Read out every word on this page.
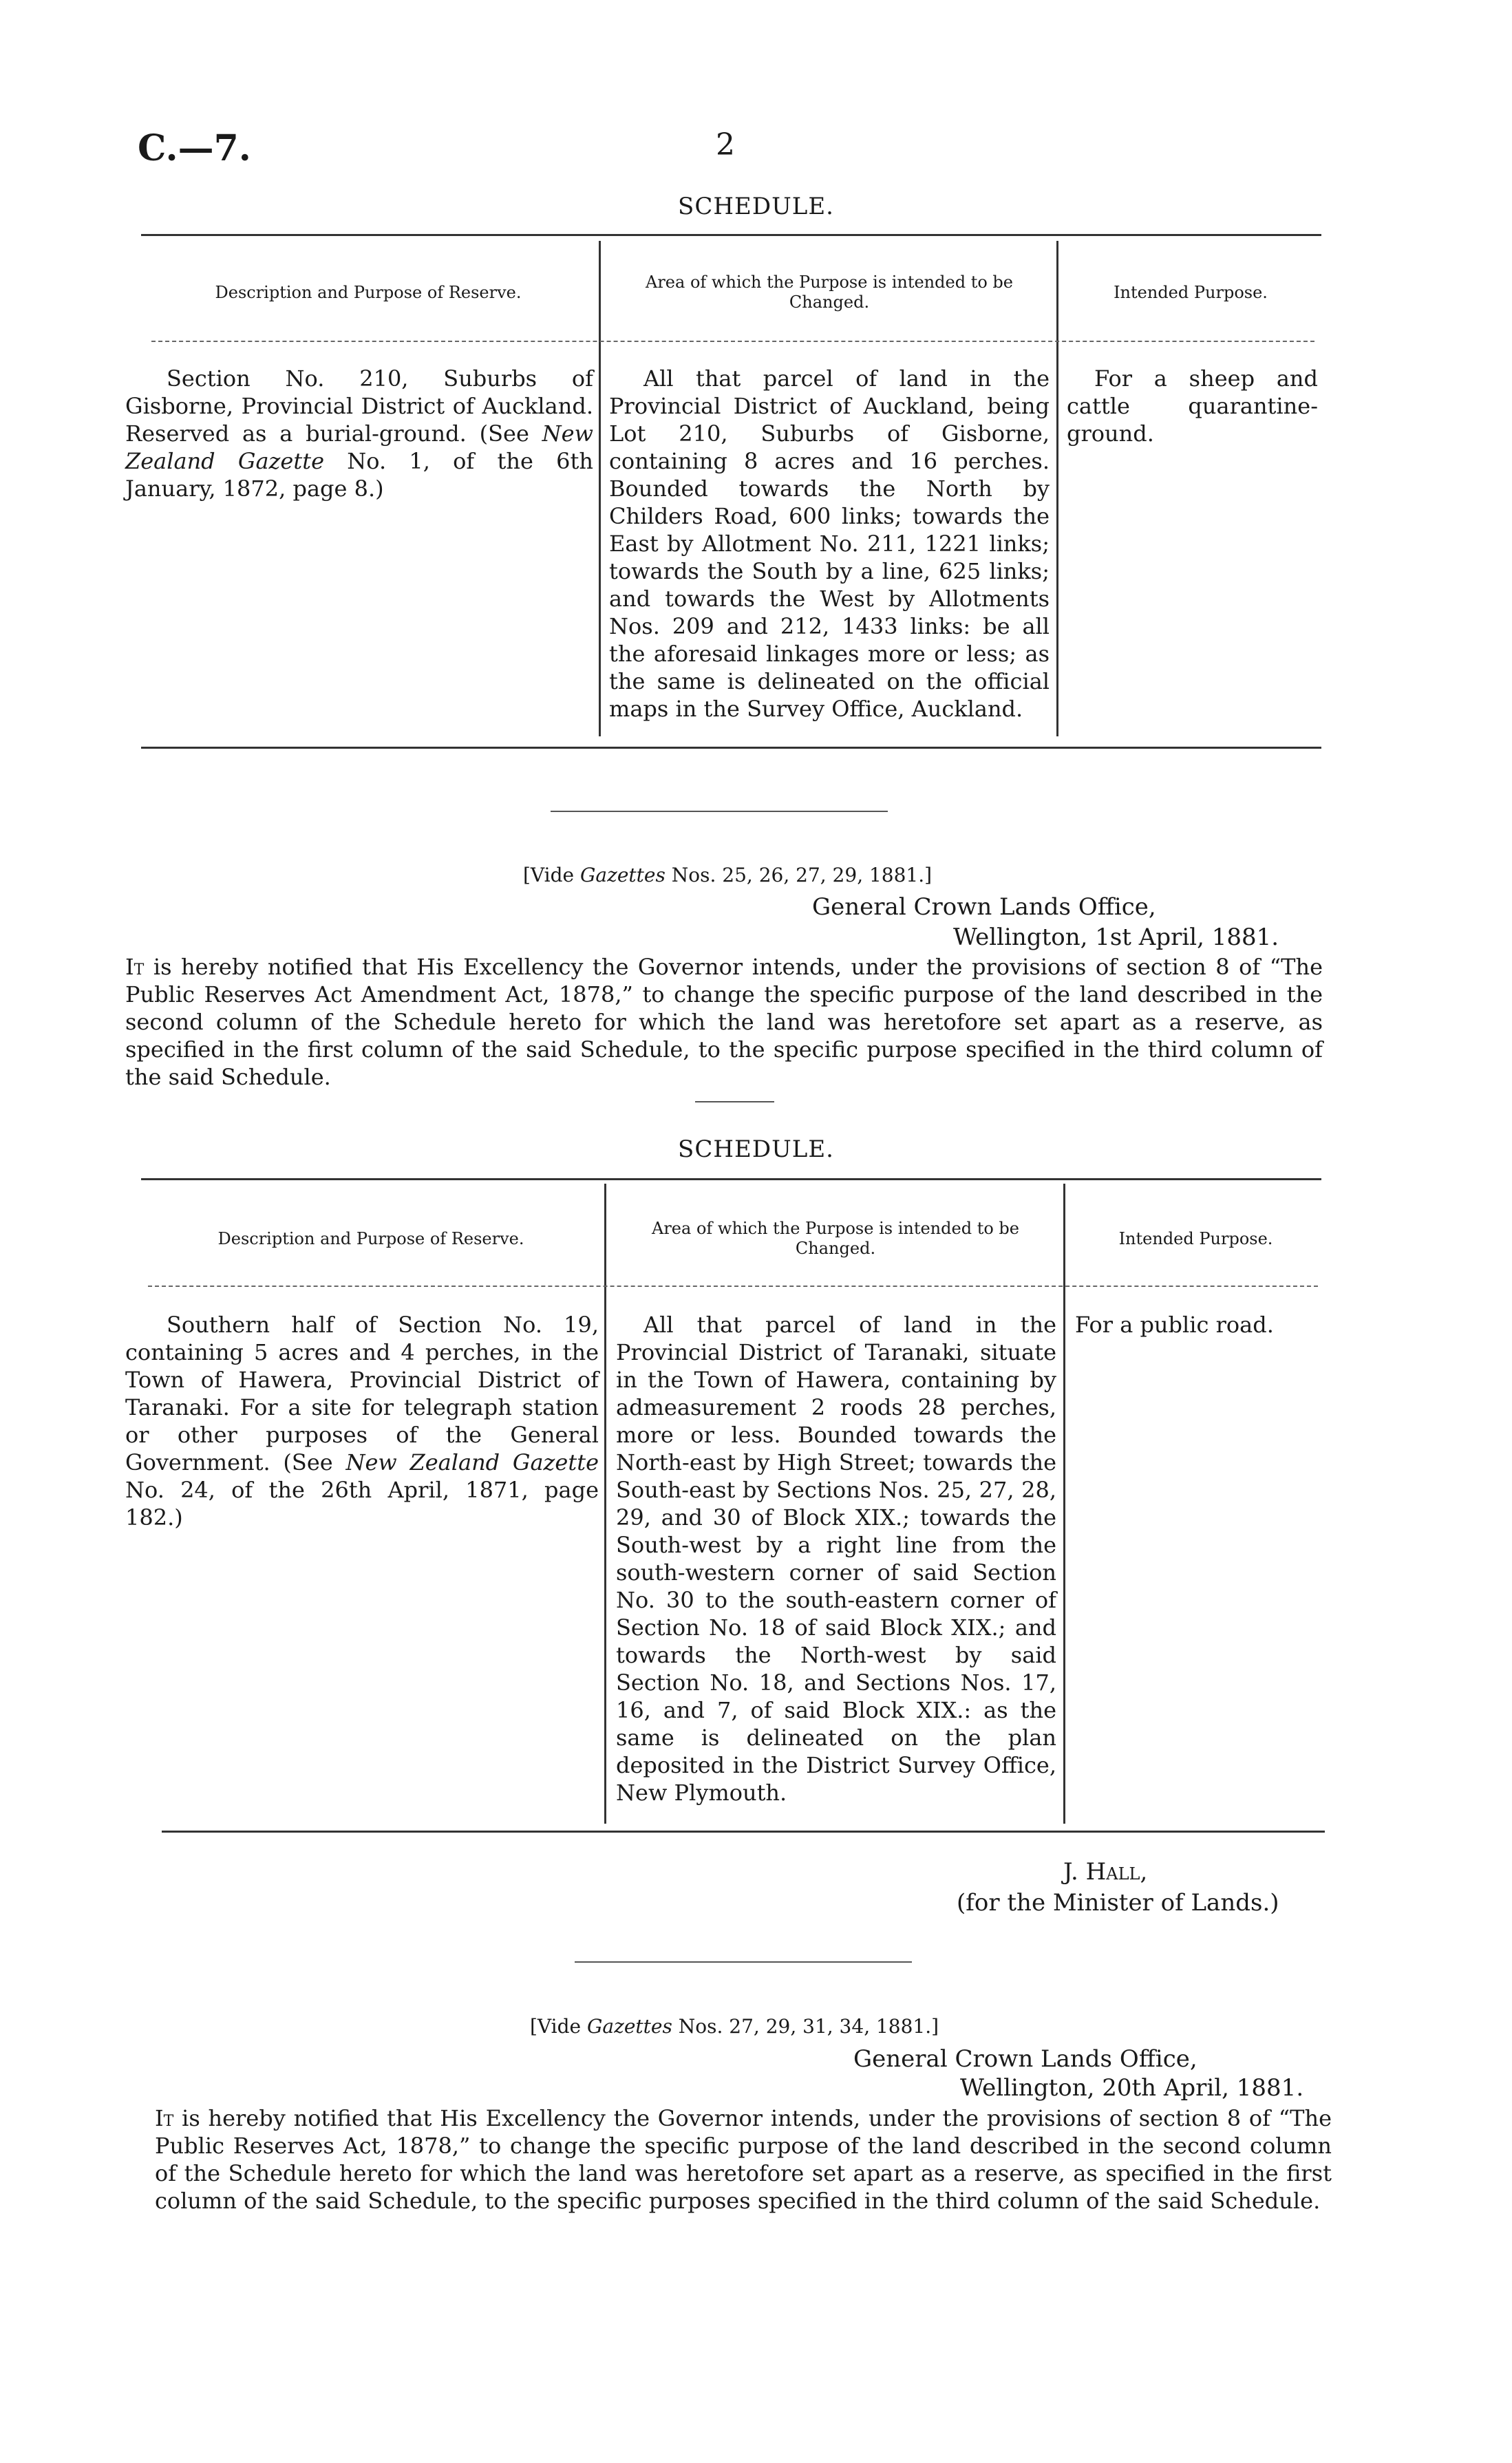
C.—7.	2
SCHEDULE.
Description and Purpose of Reserve.
Area of which the Purpose is intended to be Changed.
Intended Purpose.
Section No. 210, Suburbs of Gisborne, Provincial District of Auckland. Reserved as a burial-ground. (See New Zealand Gazette No. 1, of the 6th January, 1872, page 8.)
All that parcel of land in the Provincial District of Auckland, being Lot 210, Suburbs of Gisborne, containing 8 acres and 16 perches. Bounded towards the North by Childers Road, 600 links; towards the East by Allotment No. 211, 1221 links; towards the South by a line, 625 links; and towards the West by Allotments Nos. 209 and 212, 1433 links: be all the aforesaid linkages more or less; as the same is delineated on the official maps in the Survey Office, Auckland.
For a sheep and cattle quarantine-ground.
[Vide Gazettes Nos. 25, 26, 27, 29, 1881.]
General Crown Lands Office,
Wellington, 1st April, 1881.
It is hereby notified that His Excellency the Governor intends, under the provisions of section 8 of “The Public Reserves Act Amendment Act, 1878,” to change the specific purpose of the land described in the second column of the Schedule hereto for which the land was heretofore set apart as a reserve, as specified in the first column of the said Schedule, to the specific purpose specified in the third column of the said Schedule.
SCHEDULE.
Description and Purpose of Reserve.
Area of which the Purpose is intended to be Changed.
Intended Purpose.
Southern half of Section No. 19, containing 5 acres and 4 perches, in the Town of Hawera, Provincial District of Taranaki. For a site for telegraph station or other purposes of the General Government. (See New Zealand Gazette No. 24, of the 26th April, 1871, page 182.)
All that parcel of land in the Provincial District of Taranaki, situate in the Town of Hawera, containing by admeasurement 2 roods 28 perches, more or less. Bounded towards the North-east by High Street; towards the South-east by Sections Nos. 25, 27, 28, 29, and 30 of Block XIX.; towards the South-west by a right line from the south-western corner of said Section No. 30 to the south-eastern corner of Section No. 18 of said Block XIX.; and towards the North-west by said Section No. 18, and Sections Nos. 17, 16, and 7, of said Block XIX.: as the same is delineated on the plan deposited in the District Survey Office, New Plymouth.
For a public road.
J. Hall,
(for the Minister of Lands.)
[Vide Gazettes Nos. 27, 29, 31, 34, 1881.]
General Crown Lands Office,
Wellington, 20th April, 1881.
It is hereby notified that His Excellency the Governor intends, under the provisions of section 8 of “The Public Reserves Act, 1878,” to change the specific purpose of the land described in the second column of the Schedule hereto for which the land was heretofore set apart as a reserve, as specified in the first column of the said Schedule, to the specific purposes specified in the third column of the said Schedule.
